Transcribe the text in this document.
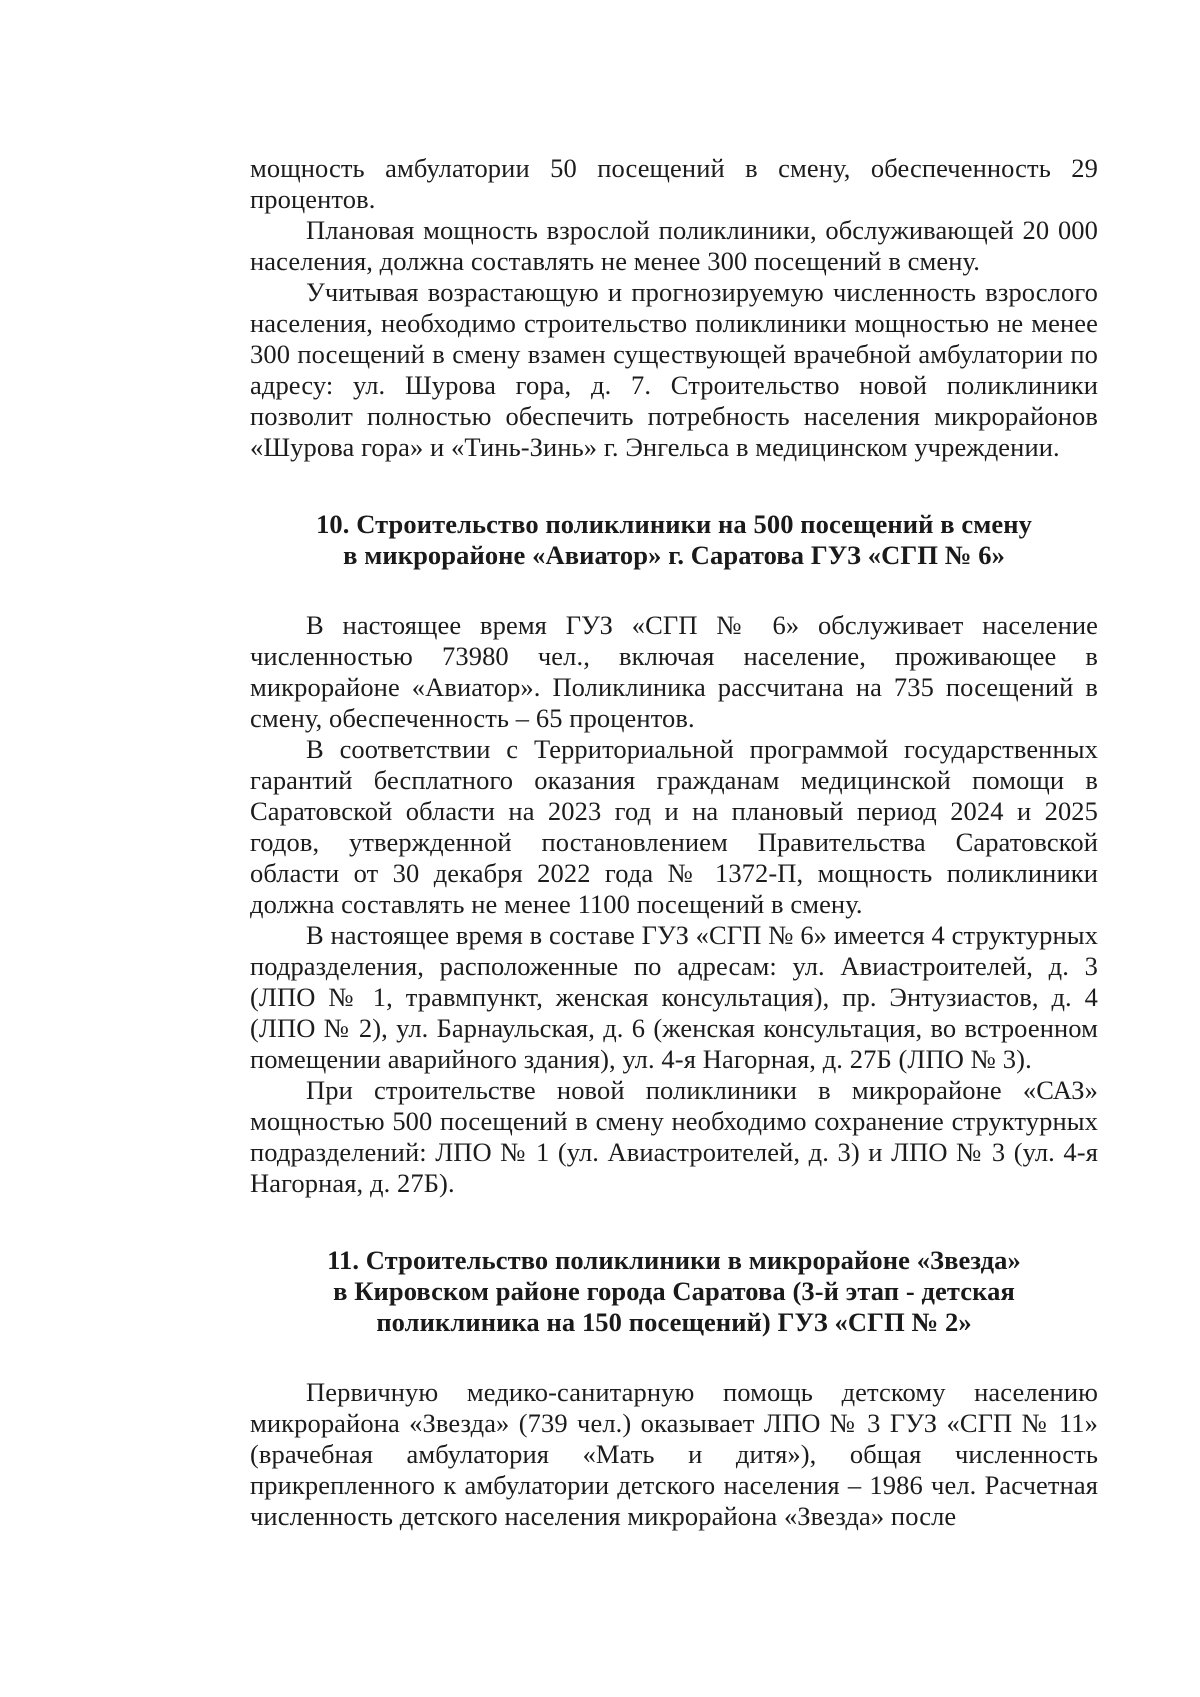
мощность амбулатории 50 посещений в смену, обеспеченность 29 процентов.

Плановая мощность взрослой поликлиники, обслуживающей 20 000 населения, должна составлять не менее 300 посещений в смену.

Учитывая возрастающую и прогнозируемую численность взрослого населения, необходимо строительство поликлиники мощностью не менее 300 посещений в смену взамен существующей врачебной амбулатории по адресу: ул. Шурова гора, д. 7. Строительство новой поликлиники позволит полностью обеспечить потребность населения микрорайонов «Шурова гора» и «Тинь-Зинь» г. Энгельса в медицинском учреждении.

10. Строительство поликлиники на 500 посещений в смену
в микрорайоне «Авиатор» г. Саратова ГУЗ «СГП № 6»

В настоящее время ГУЗ «СГП № 6» обслуживает население численностью 73980 чел., включая население, проживающее в микрорайоне «Авиатор». Поликлиника рассчитана на 735 посещений в смену, обеспеченность – 65 процентов.

В соответствии с Территориальной программой государственных гарантий бесплатного оказания гражданам медицинской помощи в Саратовской области на 2023 год и на плановый период 2024 и 2025 годов, утвержденной постановлением Правительства Саратовской области от 30 декабря 2022 года № 1372-П, мощность поликлиники должна составлять не менее 1100 посещений в смену.

В настоящее время в составе ГУЗ «СГП № 6» имеется 4 структурных подразделения, расположенные по адресам: ул. Авиастроителей, д. 3 (ЛПО № 1, травмпункт, женская консультация), пр. Энтузиастов, д. 4 (ЛПО № 2), ул. Барнаульская, д. 6 (женская консультация, во встроенном помещении аварийного здания), ул. 4-я Нагорная, д. 27Б (ЛПО № 3).

При строительстве новой поликлиники в микрорайоне «САЗ» мощностью 500 посещений в смену необходимо сохранение структурных подразделений: ЛПО № 1 (ул. Авиастроителей, д. 3) и ЛПО № 3 (ул. 4-я Нагорная, д. 27Б).

11. Строительство поликлиники в микрорайоне «Звезда»
в Кировском районе города Саратова (3-й этап - детская
поликлиника на 150 посещений) ГУЗ «СГП № 2»

Первичную медико-санитарную помощь детскому населению микрорайона «Звезда» (739 чел.) оказывает ЛПО № 3 ГУЗ «СГП № 11» (врачебная амбулатория «Мать и дитя»), общая численность прикрепленного к амбулатории детского населения – 1986 чел. Расчетная численность детского населения микрорайона «Звезда» после
